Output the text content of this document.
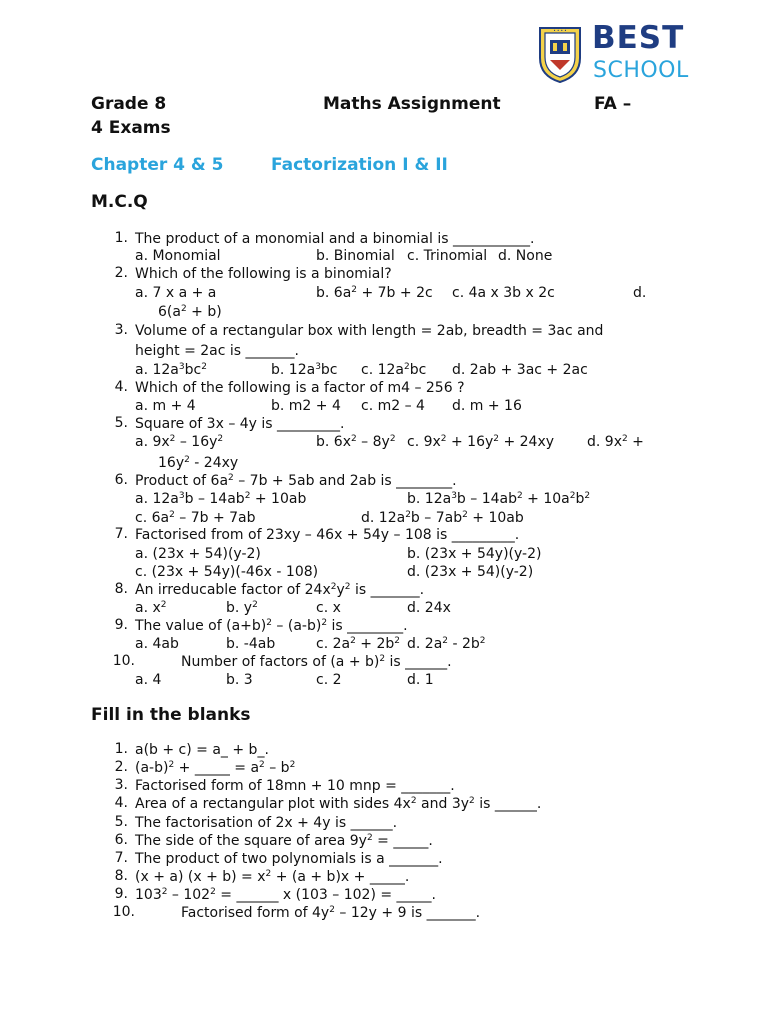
• • • • BEST
SCHOOL
Grade 8	Maths Assignment	FA –
4 Exams
Chapter 4 & 5	Factorization I & II
M.C.Q
1. The product of a monomial and a binomial is ___________.
a. Monomial	b. Binomial c. Trinomial d. None
2. Which of the following is a binomial?
a. 7 x a + a	b. $6a^2 + 7b + 2c$ c. 4a x 3b x 2c	d.
$6(a^2 + b)$
3. Volume of a rectangular box with length = 2ab, breadth = 3ac and
height = 2ac is _______.
a. $12a^3bc^2$	b. $12a^3bc$ c. $12a^2bc$ d. 2ab + 3ac + 2ac
4. Which of the following is a factor of m4 – 256 ?
a. m + 4	b. m2 + 4 c. m2 – 4 d. m + 16
5. Square of 3x – 4y is _________.
a. $9x^2 - 16y^2$	b. $6x^2 - 8y^2$ c. $9x^2 + 16y^2 + 24xy$ d. $9x^2$ +
$16y^2 - 24xy$
6. Product of $6a^2 - 7b + 5ab$ and 2ab is ________.
a. $12a^3b - 14ab^2 + 10ab$	b. $12a^3b - 14ab^2 + 10a^2b^2$
c. $6a^2 - 7b + 7ab$	d. $12a^2b - 7ab^2 + 10ab$
7. Factorised from of 23xy – 46x + 54y – 108 is _________.
a. (23x + 54)(y-2)	b. (23x + 54y)(y-2)
c. (23x + 54y)(-46x - 108)	d. (23x + 54)(y-2)
8. An irreducable factor of $24x^2y^2$ is _______.
a. $x^2$	b. $y^2$	c. x	d. 24x
9. The value of $(a+b)^2 - (a-b)^2$ is ________.
a. 4ab	b. -4ab	c. $2a^2 + 2b^2$ d. $2a^2 - 2b^2$
10.	Number of factors of $(a + b)^2$ is ______.
a. 4	b. 3	c. 2	d. 1
Fill in the blanks
1. a(b + c) = a_ + b_.
2. $(a-b)^2$ + _____ = $a^2 - b^2$
3. Factorised form of 18mn + 10 mnp = _______.
4. Area of a rectangular plot with sides $4x^2$ and $3y^2$ is ______.
5. The factorisation of 2x + 4y is ______.
6. The side of the square of area $9y^2$ = _____.
7. The product of two polynomials is a _______.
8. (x + a) $(x + b) = x^2 + (a + b)x$ + _____.
9. $103^2 - 102^2$ = ______ x (103 – 102) = _____.
10.	Factorised form of $4y^2 - 12y + 9$ is _______.
